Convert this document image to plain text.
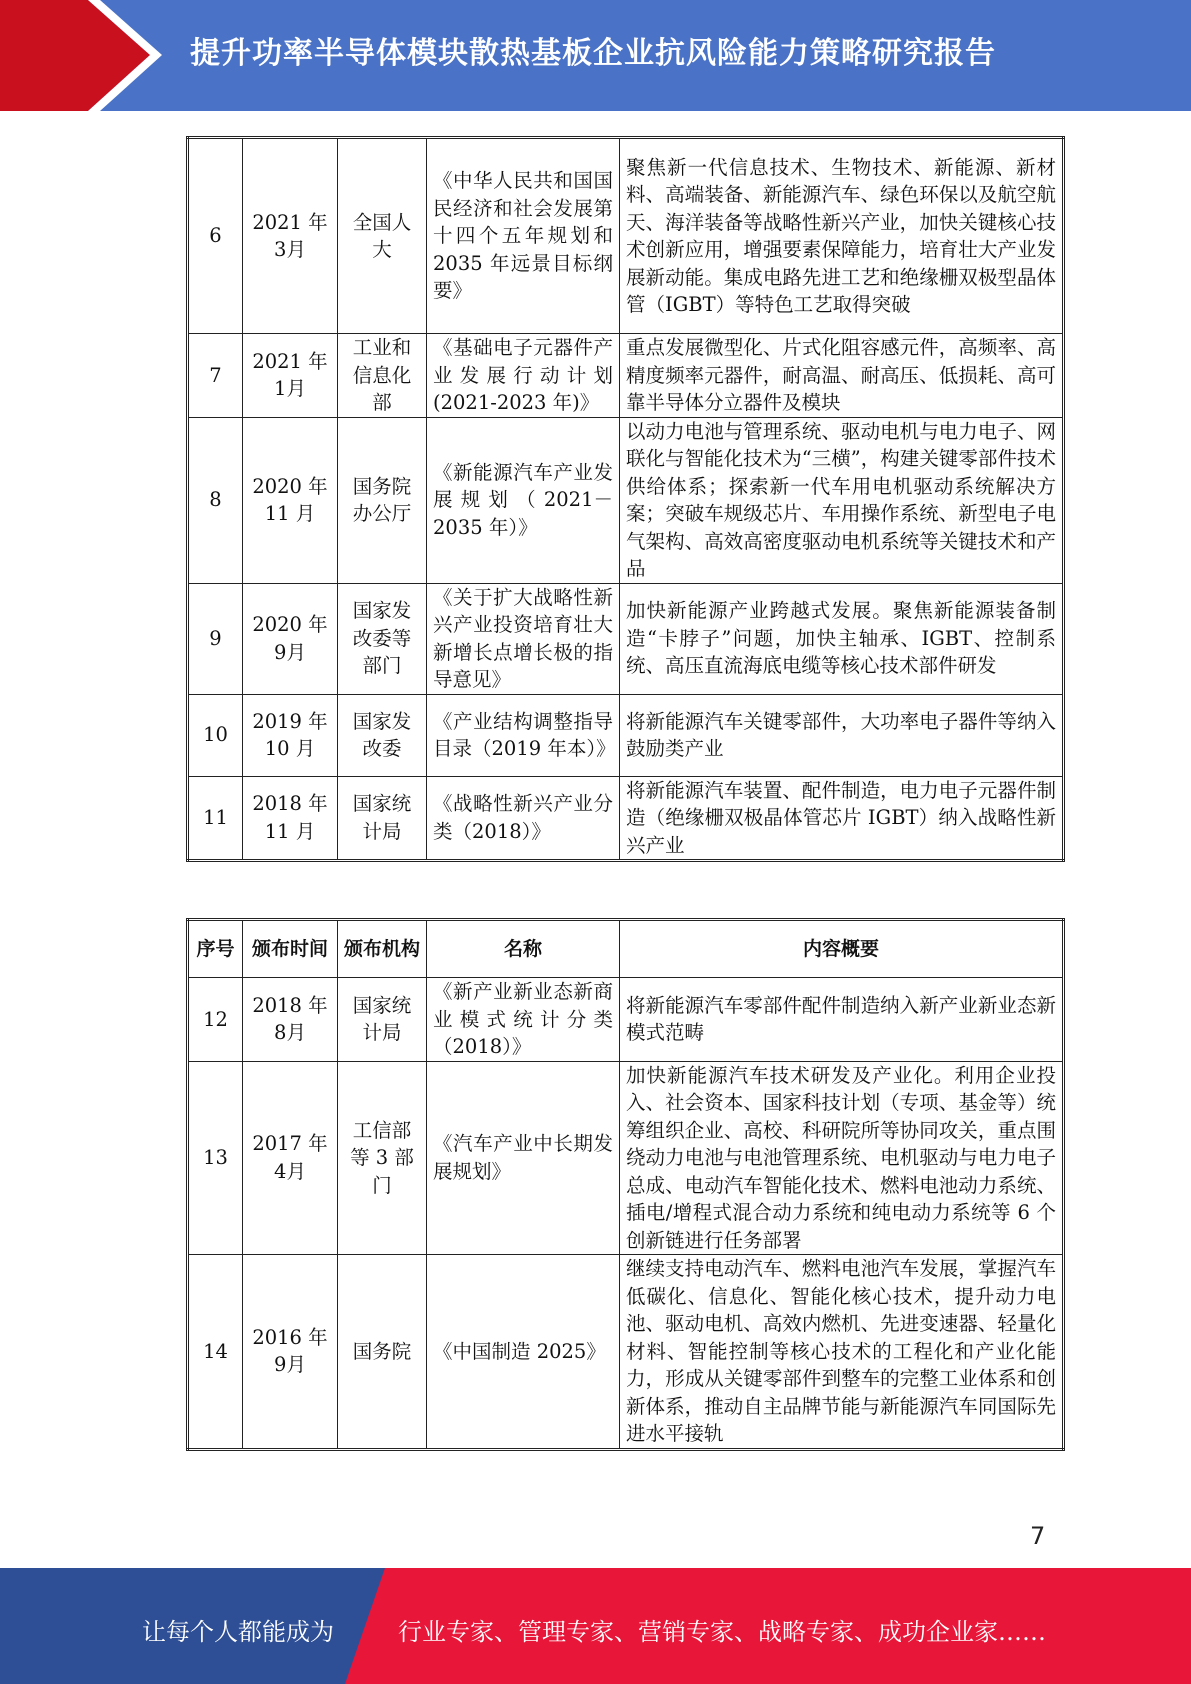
提升功率半导体模块散热基板企业抗风险能力策略研究报告
6	2021 年 3月	全国人大	《中华人民共和国国民经济和社会发展第十四个五年规划和 2035 年远景目标纲要》	聚焦新一代信息技术、生物技术、新能源、新材料、高端装备、新能源汽车、绿色环保以及航空航天、海洋装备等战略性新兴产业，加快关键核心技术创新应用，增强要素保障能力，培育壮大产业发展新动能。集成电路先进工艺和绝缘栅双极型晶体管（IGBT）等特色工艺取得突破
7	2021 年 1月	工业和信息化部	《基础电子元器件产业发展行动计划(2021-2023 年)》	重点发展微型化、片式化阻容感元件，高频率、高精度频率元器件，耐高温、耐高压、低损耗、高可靠半导体分立器件及模块
8	2020 年 11 月	国务院办公厅	《新能源汽车产业发展规划（2021－2035 年）》	以动力电池与管理系统、驱动电机与电力电子、网联化与智能化技术为“三横”，构建关键零部件技术供给体系；探索新一代车用电机驱动系统解决方案；突破车规级芯片、车用操作系统、新型电子电气架构、高效高密度驱动电机系统等关键技术和产品
9	2020 年 9月	国家发改委等部门	《关于扩大战略性新兴产业投资培育壮大新增长点增长极的指导意见》	加快新能源产业跨越式发展。聚焦新能源装备制造“卡脖子”问题，加快主轴承、IGBT、控制系统、高压直流海底电缆等核心技术部件研发
10	2019 年 10 月	国家发改委	《产业结构调整指导目录（2019 年本）》	将新能源汽车关键零部件，大功率电子器件等纳入鼓励类产业
11	2018 年 11 月	国家统计局	《战略性新兴产业分类（2018）》	将新能源汽车装置、配件制造，电力电子元器件制造（绝缘栅双极晶体管芯片 IGBT）纳入战略性新兴产业
序号	颁布时间	颁布机构	名称	内容概要
12	2018 年 8月	国家统计局	《新产业新业态新商业模式统计分类（2018）》	将新能源汽车零部件配件制造纳入新产业新业态新模式范畴
13	2017 年 4月	工信部等 3 部门	《汽车产业中长期发展规划》	加快新能源汽车技术研发及产业化。利用企业投入、社会资本、国家科技计划（专项、基金等）统筹组织企业、高校、科研院所等协同攻关，重点围绕动力电池与电池管理系统、电机驱动与电力电子总成、电动汽车智能化技术、燃料电池动力系统、插电/增程式混合动力系统和纯电动力系统等 6 个创新链进行任务部署
14	2016 年 9月	国务院	《中国制造 2025》	继续支持电动汽车、燃料电池汽车发展，掌握汽车低碳化、信息化、智能化核心技术，提升动力电池、驱动电机、高效内燃机、先进变速器、轻量化材料、智能控制等核心技术的工程化和产业化能力，形成从关键零部件到整车的完整工业体系和创新体系，推动自主品牌节能与新能源汽车同国际先进水平接轨
7
让每个人都能成为	行业专家、管理专家、营销专家、战略专家、成功企业家……
